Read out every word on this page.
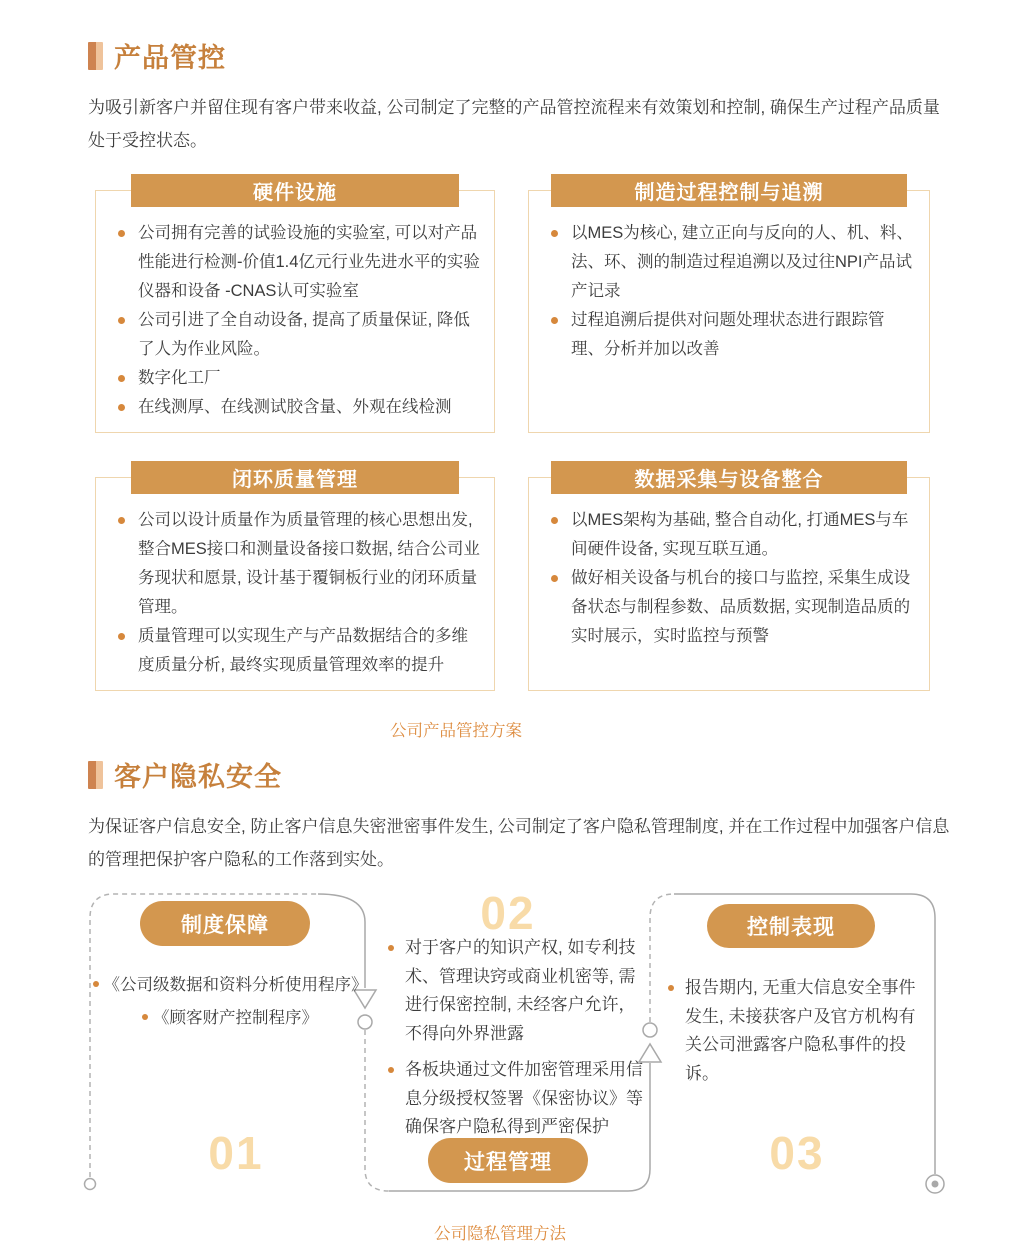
产品管控

为吸引新客户并留住现有客户带来收益, 公司制定了完整的产品管控流程来有效策划和控制, 确保生产过程产品质量处于受控状态。

硬件设施
公司拥有完善的试验设施的实验室, 可以对产品性能进行检测-价值1.4亿元行业先进水平的实验仪器和设备 -CNAS认可实验室
公司引进了全自动设备, 提高了质量保证, 降低了人为作业风险。
数字化工厂
在线测厚、在线测试胶含量、外观在线检测
制造过程控制与追溯
以MES为核心, 建立正向与反向的人、机、料、法、环、测的制造过程追溯以及过往NPI产品试产记录
过程追溯后提供对问题处理状态进行跟踪管理、分析并加以改善
闭环质量管理
公司以设计质量作为质量管理的核心思想出发, 整合MES接口和测量设备接口数据, 结合公司业务现状和愿景, 设计基于覆铜板行业的闭环质量管理。
质量管理可以实现生产与产品数据结合的多维度质量分析, 最终实现质量管理效率的提升
数据采集与设备整合
以MES架构为基础, 整合自动化, 打通MES与车间硬件设备, 实现互联互通。
做好相关设备与机台的接口与监控, 采集生成设备状态与制程参数、品质数据, 实现制造品质的实时展示，实时监控与预警
公司产品管控方案
客户隐私安全

为保证客户信息安全, 防止客户信息失密泄密事件发生, 公司制定了客户隐私管理制度, 并在工作过程中加强客户信息的管理把保护客户隐私的工作落到实处。

制度保障
《公司级数据和资料分析使用程序》
《顾客财产控制程序》
01
02
对于客户的知识产权, 如专利技术、管理诀窍或商业机密等, 需进行保密控制, 未经客户允许，不得向外界泄露
各板块通过文件加密管理采用信息分级授权签署《保密协议》等确保客户隐私得到严密保护
过程管理
控制表现
报告期内, 无重大信息安全事件发生, 未接获客户及官方机构有关公司泄露客户隐私事件的投诉。
03
公司隐私管理方法
